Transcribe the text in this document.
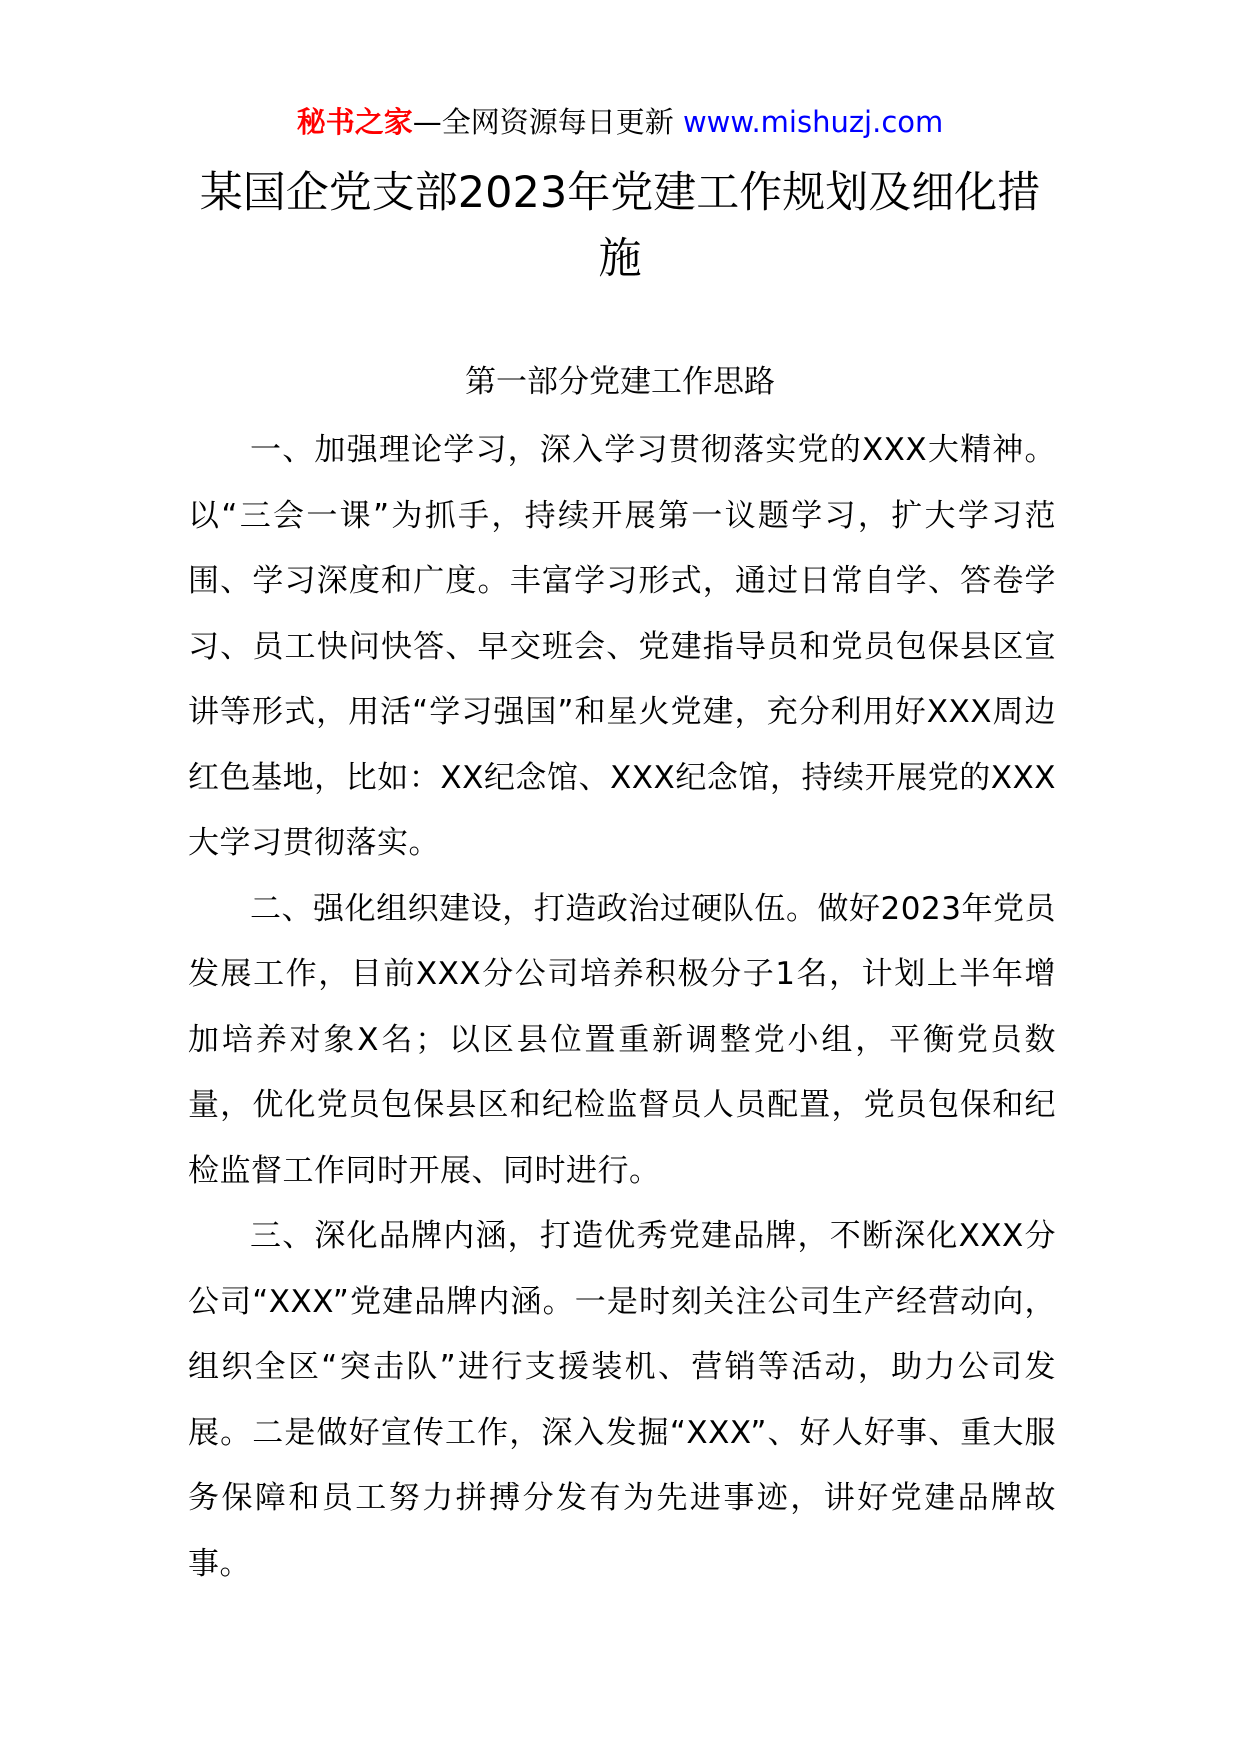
秘书之家—全网资源每日更新 www.mishuzj.com
某国企党支部2023年党建工作规划及细化措施
第一部分党建工作思路

一、加强理论学习，深入学习贯彻落实党的XXX大精神。以“三会一课”为抓手，持续开展第一议题学习，扩大学习范围、学习深度和广度。丰富学习形式，通过日常自学、答卷学习、员工快问快答、早交班会、党建指导员和党员包保县区宣讲等形式，用活“学习强国”和星火党建，充分利用好XXX周边红色基地，比如：XX纪念馆、XXX纪念馆，持续开展党的XXX大学习贯彻落实。

二、强化组织建设，打造政治过硬队伍。做好2023年党员发展工作，目前XXX分公司培养积极分子1名，计划上半年增加培养对象X名；以区县位置重新调整党小组，平衡党员数量，优化党员包保县区和纪检监督员人员配置，党员包保和纪检监督工作同时开展、同时进行。

三、深化品牌内涵，打造优秀党建品牌，不断深化XXX分公司“XXX”党建品牌内涵。一是时刻关注公司生产经营动向，组织全区“突击队”进行支援装机、营销等活动，助力公司发展。二是做好宣传工作，深入发掘“XXX”、好人好事、重大服务保障和员工努力拼搏分发有为先进事迹，讲好党建品牌故事。
